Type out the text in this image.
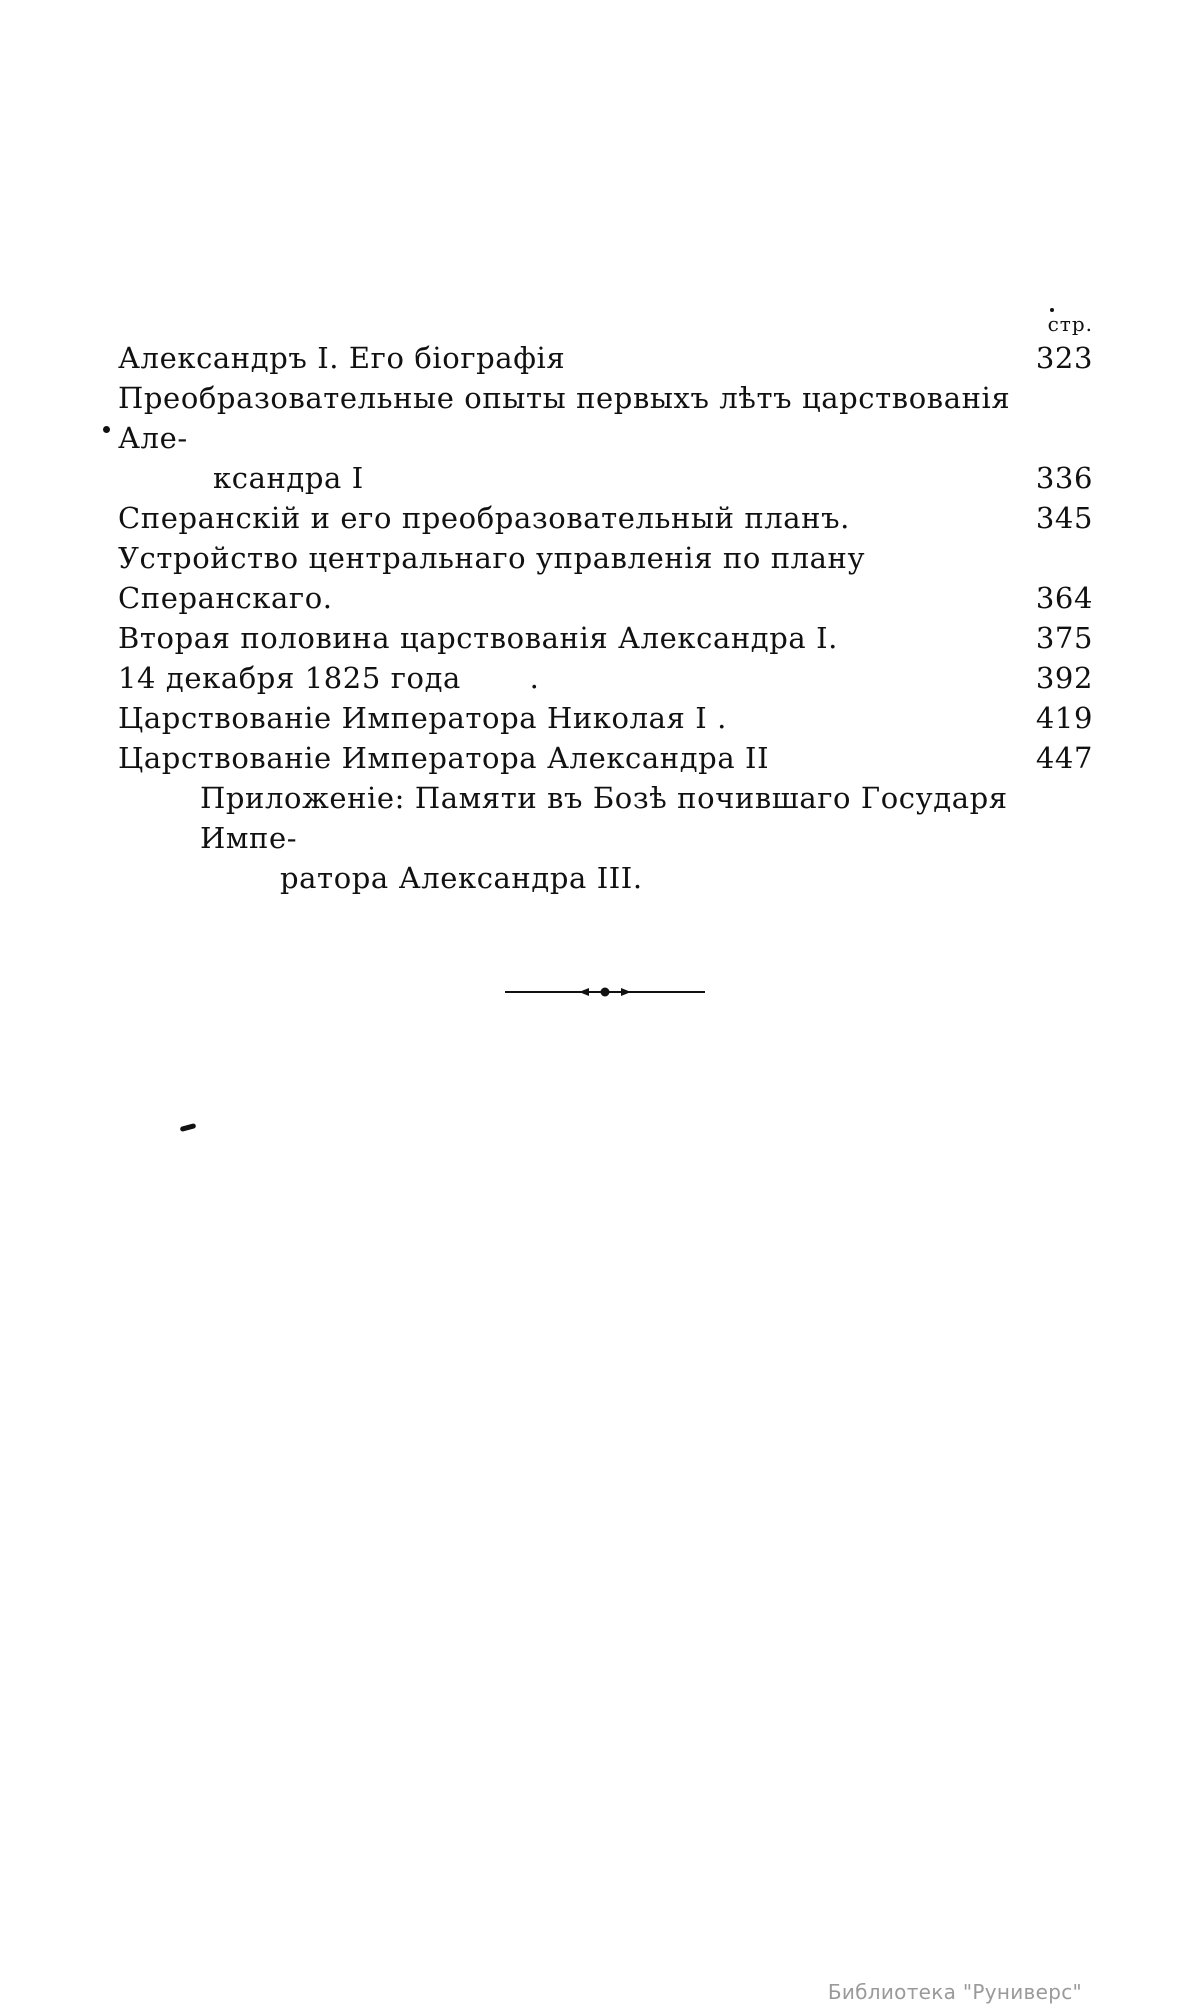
стр.
Александръ I. Его біографія	323
Преобразовательные опыты первыхъ лѣтъ царствованія Але-
ксандра I	336
Сперанскій и его преобразовательный планъ.	345
Устройство центральнаго управленія по плану Сперанскаго.	364
Вторая половина царствованія Александра I.	375
14 декабря 1825 года       .	392
Царствованіе Императора Николая I .	419
Царствованіе Императора Александра II	447
Приложеніе: Памяти въ Бозѣ почившаго Государя Импе-
ратора Александра III.
Библиотека "Руниверс"
